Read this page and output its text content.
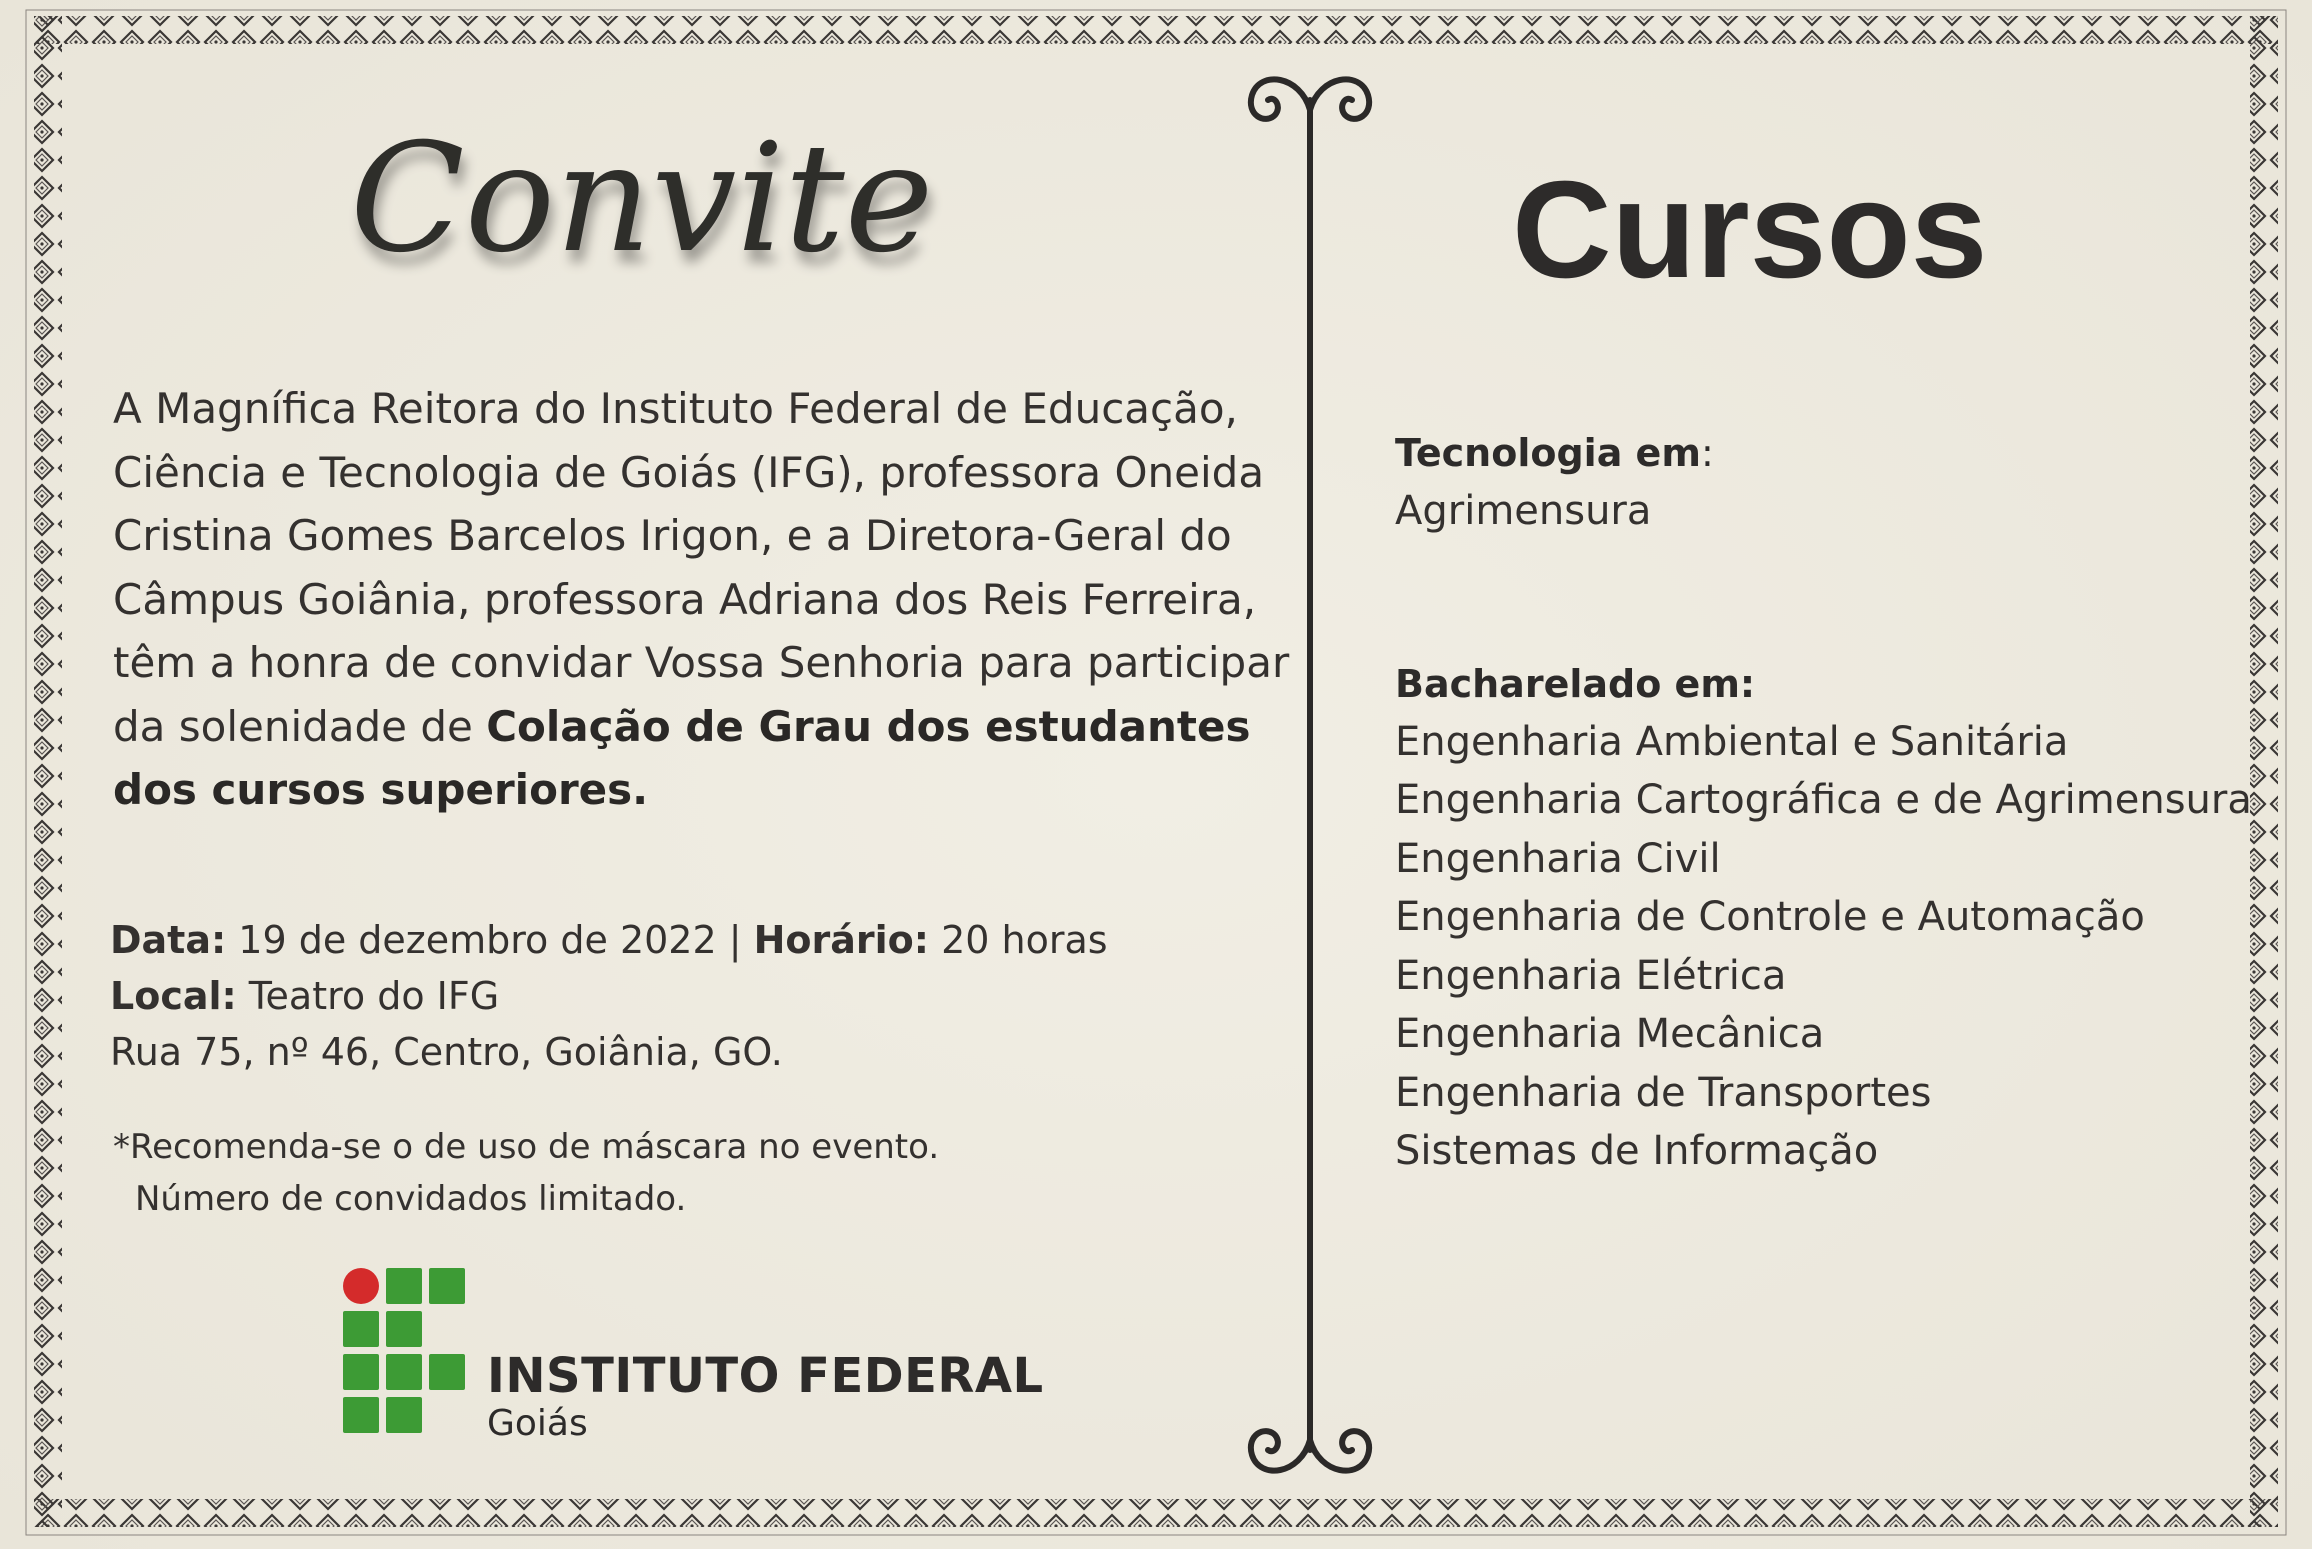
Convite

A Magnífica Reitora do Instituto Federal de Educação, Ciência e Tecnologia de Goiás (IFG), professora Oneida Cristina Gomes Barcelos Irigon, e a Diretora-Geral do Câmpus Goiânia, professora Adriana dos Reis Ferreira, têm a honra de convidar Vossa Senhoria para participar da solenidade de Colação de Grau dos estudantes dos cursos superiores.

Data: 19 de dezembro de 2022 | Horário: 20 horas
Local: Teatro do IFG
Rua 75, nº 46, Centro, Goiânia, GO.
*Recomenda-se o de uso de máscara no evento.
Número de convidados limitado.
INSTITUTO FEDERAL
Goiás
Cursos
Tecnologia em:
Agrimensura
Bacharelado em:
Engenharia Ambiental e Sanitária
Engenharia Cartográfica e de Agrimensura
Engenharia Civil
Engenharia de Controle e Automação
Engenharia Elétrica
Engenharia Mecânica
Engenharia de Transportes
Sistemas de Informação
